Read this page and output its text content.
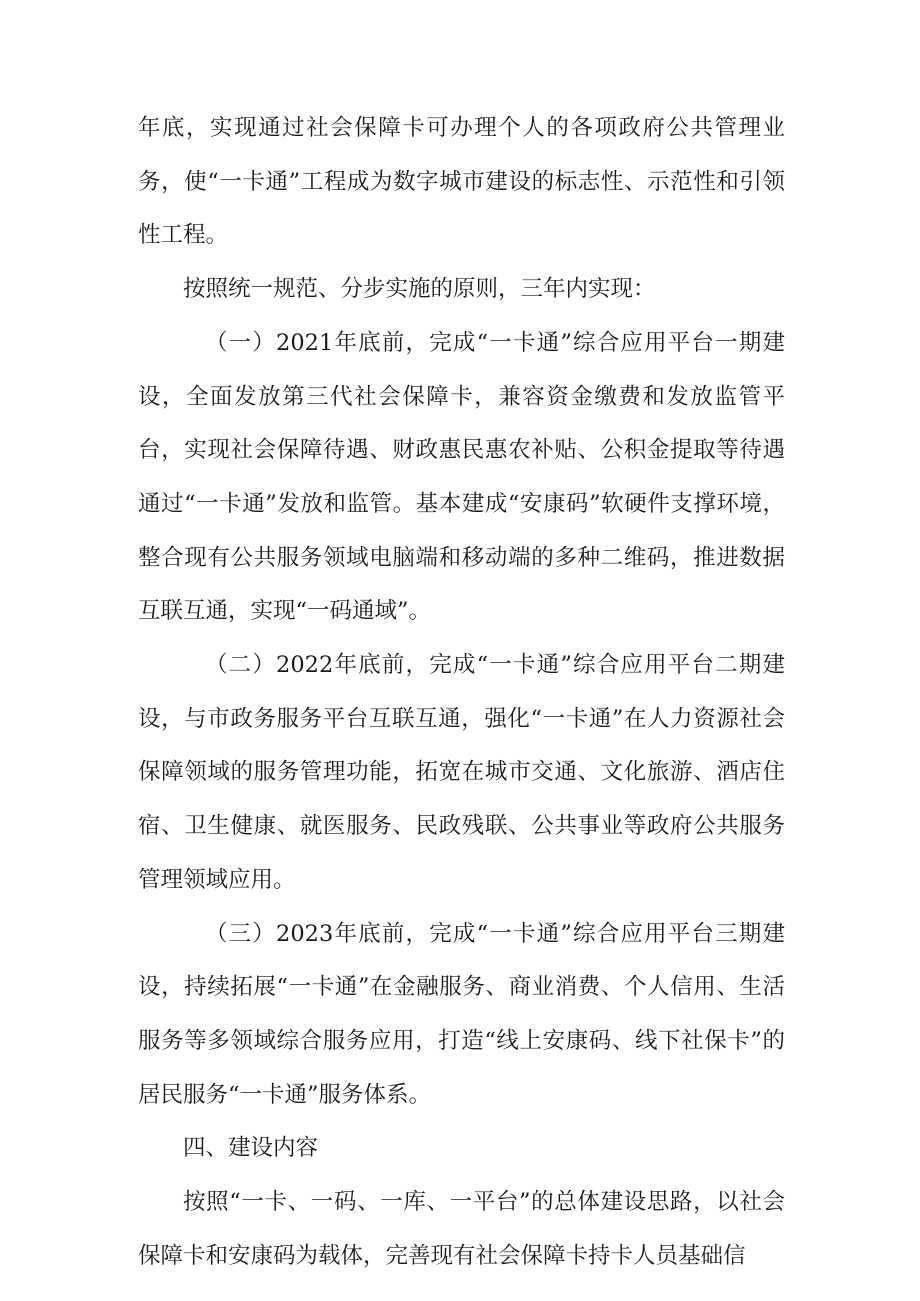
年底，实现通过社会保障卡可办理个人的各项政府公共管理业务，使“一卡通”工程成为数字城市建设的标志性、示范性和引领性工程。

按照统一规范、分步实施的原则，三年内实现：

（一）2021年底前，完成“一卡通”综合应用平台一期建设，全面发放第三代社会保障卡，兼容资金缴费和发放监管平台，实现社会保障待遇、财政惠民惠农补贴、公积金提取等待遇通过“一卡通”发放和监管。基本建成“安康码”软硬件支撑环境，整合现有公共服务领域电脑端和移动端的多种二维码，推进数据互联互通，实现“一码通域”。

（二）2022年底前，完成“一卡通”综合应用平台二期建设，与市政务服务平台互联互通，强化“一卡通”在人力资源社会保障领域的服务管理功能，拓宽在城市交通、文化旅游、酒店住宿、卫生健康、就医服务、民政残联、公共事业等政府公共服务管理领域应用。

（三）2023年底前，完成“一卡通”综合应用平台三期建设，持续拓展“一卡通”在金融服务、商业消费、个人信用、生活服务等多领域综合服务应用，打造“线上安康码、线下社保卡”的居民服务“一卡通”服务体系。

四、建设内容

按照“一卡、一码、一库、一平台”的总体建设思路，以社会保障卡和安康码为载体，完善现有社会保障卡持卡人员基础信
